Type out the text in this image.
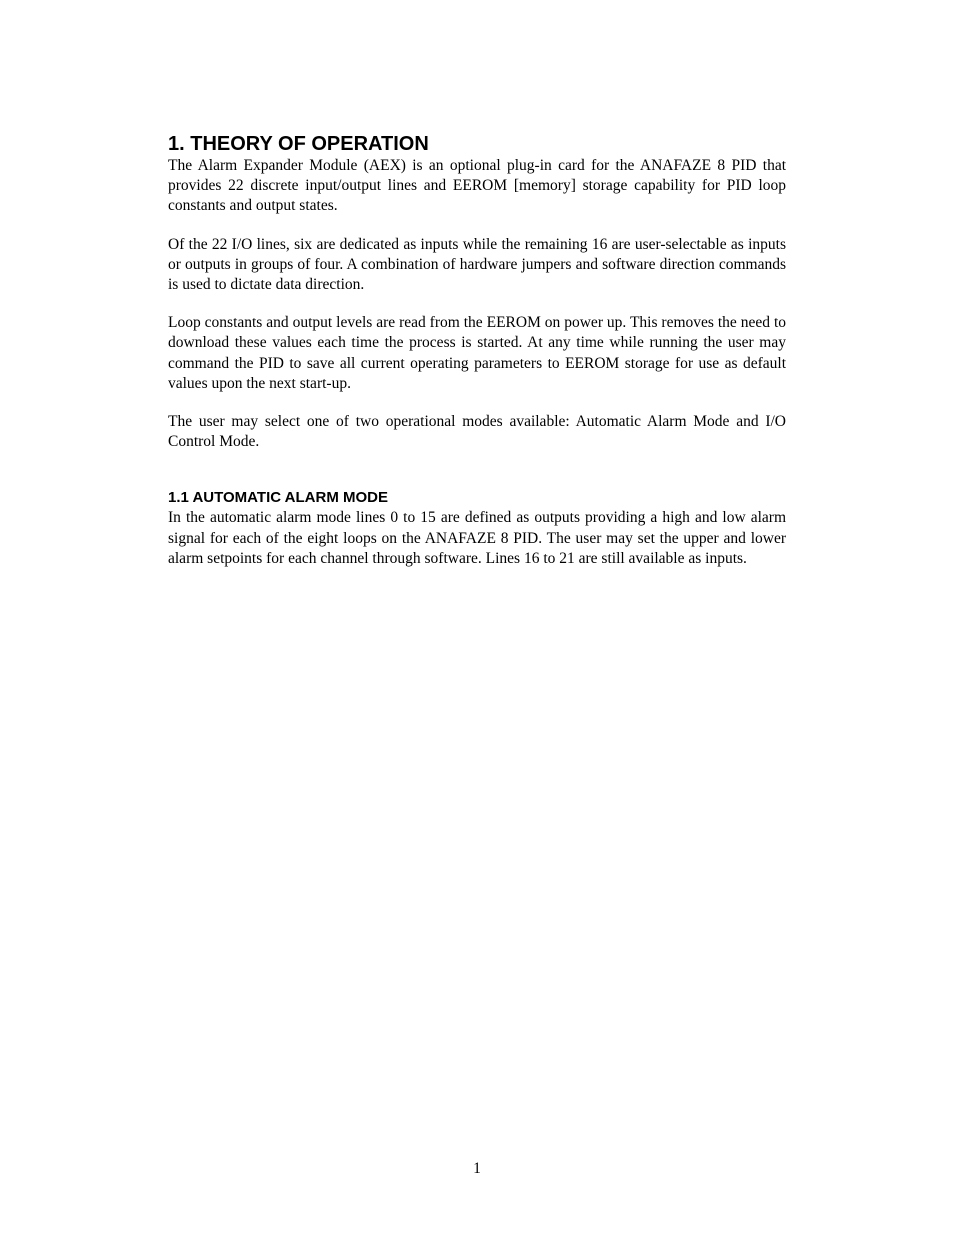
1. THEORY OF OPERATION

The Alarm Expander Module (AEX) is an optional plug-in card for the ANAFAZE 8 PID that provides 22 discrete input/output lines and EEROM [memory] storage capability for PID loop constants and output states.

Of the 22 I/O lines, six are dedicated as inputs while the remaining 16 are user-selectable as inputs or outputs in groups of four. A combination of hardware jumpers and software direction commands is used to dictate data direction.

Loop constants and output levels are read from the EEROM on power up. This removes the need to download these values each time the process is started. At any time while running the user may command the PID to save all current operating parameters to EEROM storage for use as default values upon the next start-up.

The user may select one of two operational modes available: Automatic Alarm Mode and I/O Control Mode.

1.1 AUTOMATIC ALARM MODE

In the automatic alarm mode lines 0 to 15 are defined as outputs providing a high and low alarm signal for each of the eight loops on the ANAFAZE 8 PID. The user may set the upper and lower alarm setpoints for each channel through software. Lines 16 to 21 are still available as inputs.

1
